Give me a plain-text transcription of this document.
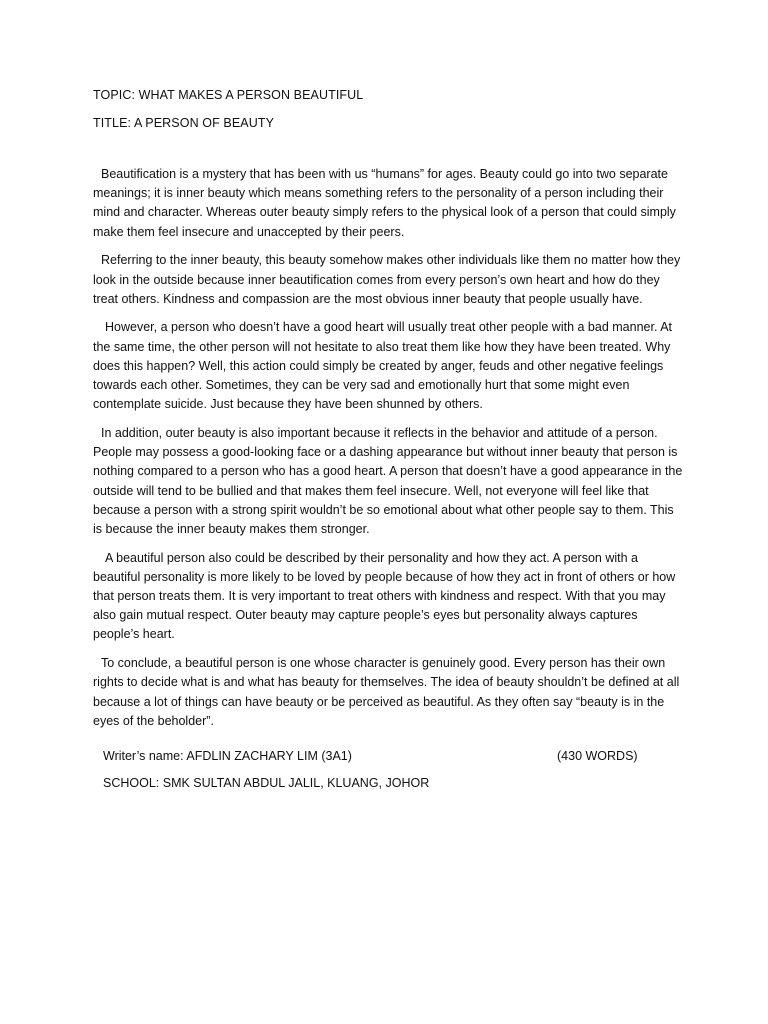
TOPIC: WHAT MAKES A PERSON BEAUTIFUL
TITLE: A PERSON OF BEAUTY

Beautification is a mystery that has been with us “humans” for ages. Beauty could go into two separate meanings; it is inner beauty which means something refers to the personality of a person including their mind and character. Whereas outer beauty simply refers to the physical look of a person that could simply make them feel insecure and unaccepted by their peers.

Referring to the inner beauty, this beauty somehow makes other individuals like them no matter how they look in the outside because inner beautification comes from every person’s own heart and how do they treat others. Kindness and compassion are the most obvious inner beauty that people usually have.

However, a person who doesn’t have a good heart will usually treat other people with a bad manner. At the same time, the other person will not hesitate to also treat them like how they have been treated. Why does this happen? Well, this action could simply be created by anger, feuds and other negative feelings towards each other. Sometimes, they can be very sad and emotionally hurt that some might even contemplate suicide. Just because they have been shunned by others.

In addition, outer beauty is also important because it reflects in the behavior and attitude of a person. People may possess a good-looking face or a dashing appearance but without inner beauty that person is nothing compared to a person who has a good heart. A person that doesn’t have a good appearance in the outside will tend to be bullied and that makes them feel insecure. Well, not everyone will feel like that because a person with a strong spirit wouldn’t be so emotional about what other people say to them. This is because the inner beauty makes them stronger.

A beautiful person also could be described by their personality and how they act. A person with a beautiful personality is more likely to be loved by people because of how they act in front of others or how that person treats them. It is very important to treat others with kindness and respect. With that you may also gain mutual respect. Outer beauty may capture people’s eyes but personality always captures people’s heart.

To conclude, a beautiful person is one whose character is genuinely good. Every person has their own rights to decide what is and what has beauty for themselves. The idea of beauty shouldn’t be defined at all because a lot of things can have beauty or be perceived as beautiful. As they often say “beauty is in the eyes of the beholder”.

Writer’s name: AFDLIN ZACHARY LIM (3A1)	(430 WORDS)
SCHOOL: SMK SULTAN ABDUL JALIL, KLUANG, JOHOR
